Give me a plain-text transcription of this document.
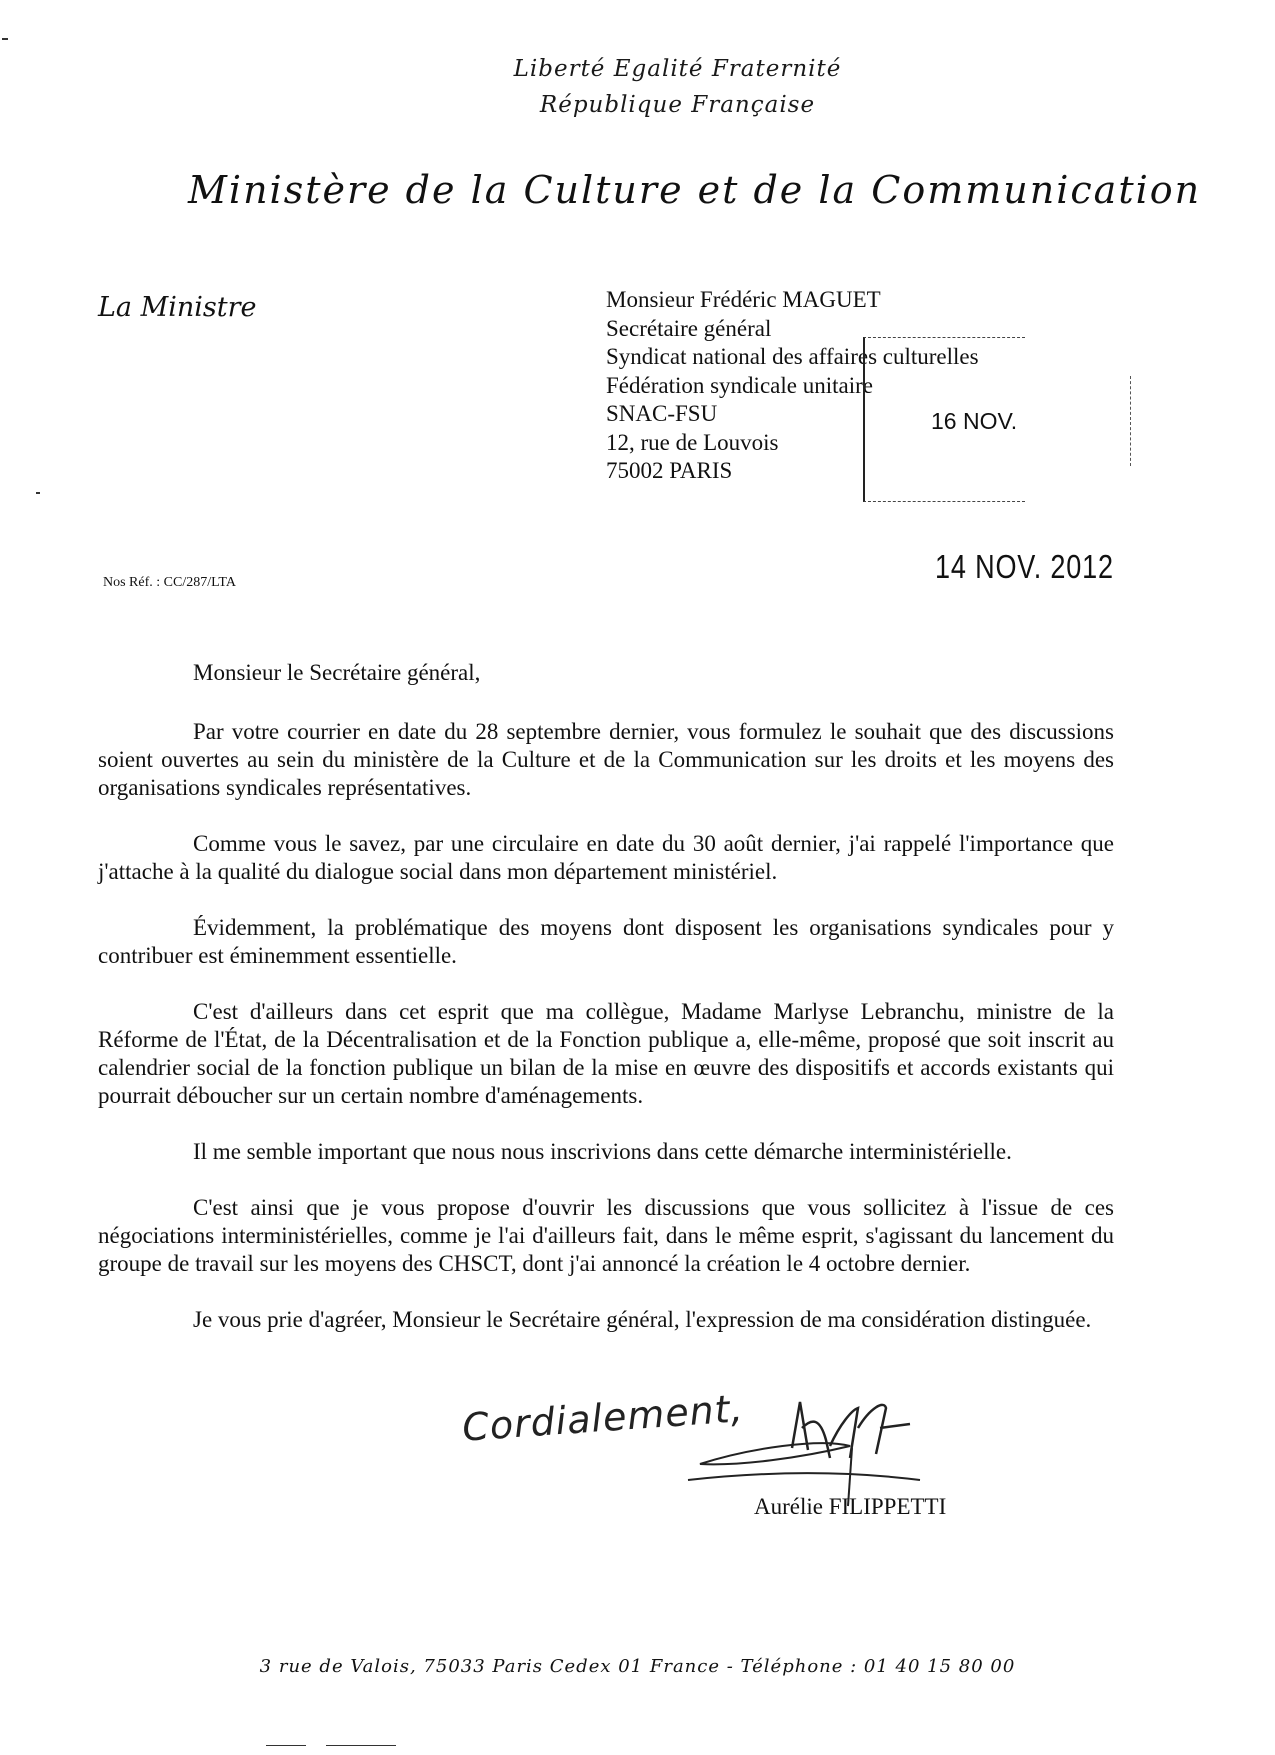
Liberté Egalité Fraternité
République Française
Ministère de la Culture et de la Communication
La Ministre	Monsieur Frédéric MAGUET
Secrétaire général
Syndicat national des affaires culturelles
Fédération syndicale unitaire
SNAC-FSU
12, rue de Louvois
75002 PARIS
16 NOV.
Nos Réf. : CC/287/LTA	14 NOV. 2012
Monsieur le Secrétaire général,

Par votre courrier en date du 28 septembre dernier, vous formulez le souhait que des discussions soient ouvertes au sein du ministère de la Culture et de la Communication sur les droits et les moyens des organisations syndicales représentatives.

Comme vous le savez, par une circulaire en date du 30 août dernier, j'ai rappelé l'importance que j'attache à la qualité du dialogue social dans mon département ministériel.

Évidemment, la problématique des moyens dont disposent les organisations syndicales pour y contribuer est éminemment essentielle.

C'est d'ailleurs dans cet esprit que ma collègue, Madame Marlyse Lebranchu, ministre de la Réforme de l'État, de la Décentralisation et de la Fonction publique a, elle-même, proposé que soit inscrit au calendrier social de la fonction publique un bilan de la mise en œuvre des dispositifs et accords existants qui pourrait déboucher sur un certain nombre d'aménagements.

Il me semble important que nous nous inscrivions dans cette démarche interministérielle.

C'est ainsi que je vous propose d'ouvrir les discussions que vous sollicitez à l'issue de ces négociations interministérielles, comme je l'ai d'ailleurs fait, dans le même esprit, s'agissant du lancement du groupe de travail sur les moyens des CHSCT, dont j'ai annoncé la création le 4 octobre dernier.

Je vous prie d'agréer, Monsieur le Secrétaire général, l'expression de ma considération distinguée.

Cordialement,
Aurélie FILIPPETTI
3 rue de Valois, 75033 Paris Cedex 01 France - Téléphone : 01 40 15 80 00
